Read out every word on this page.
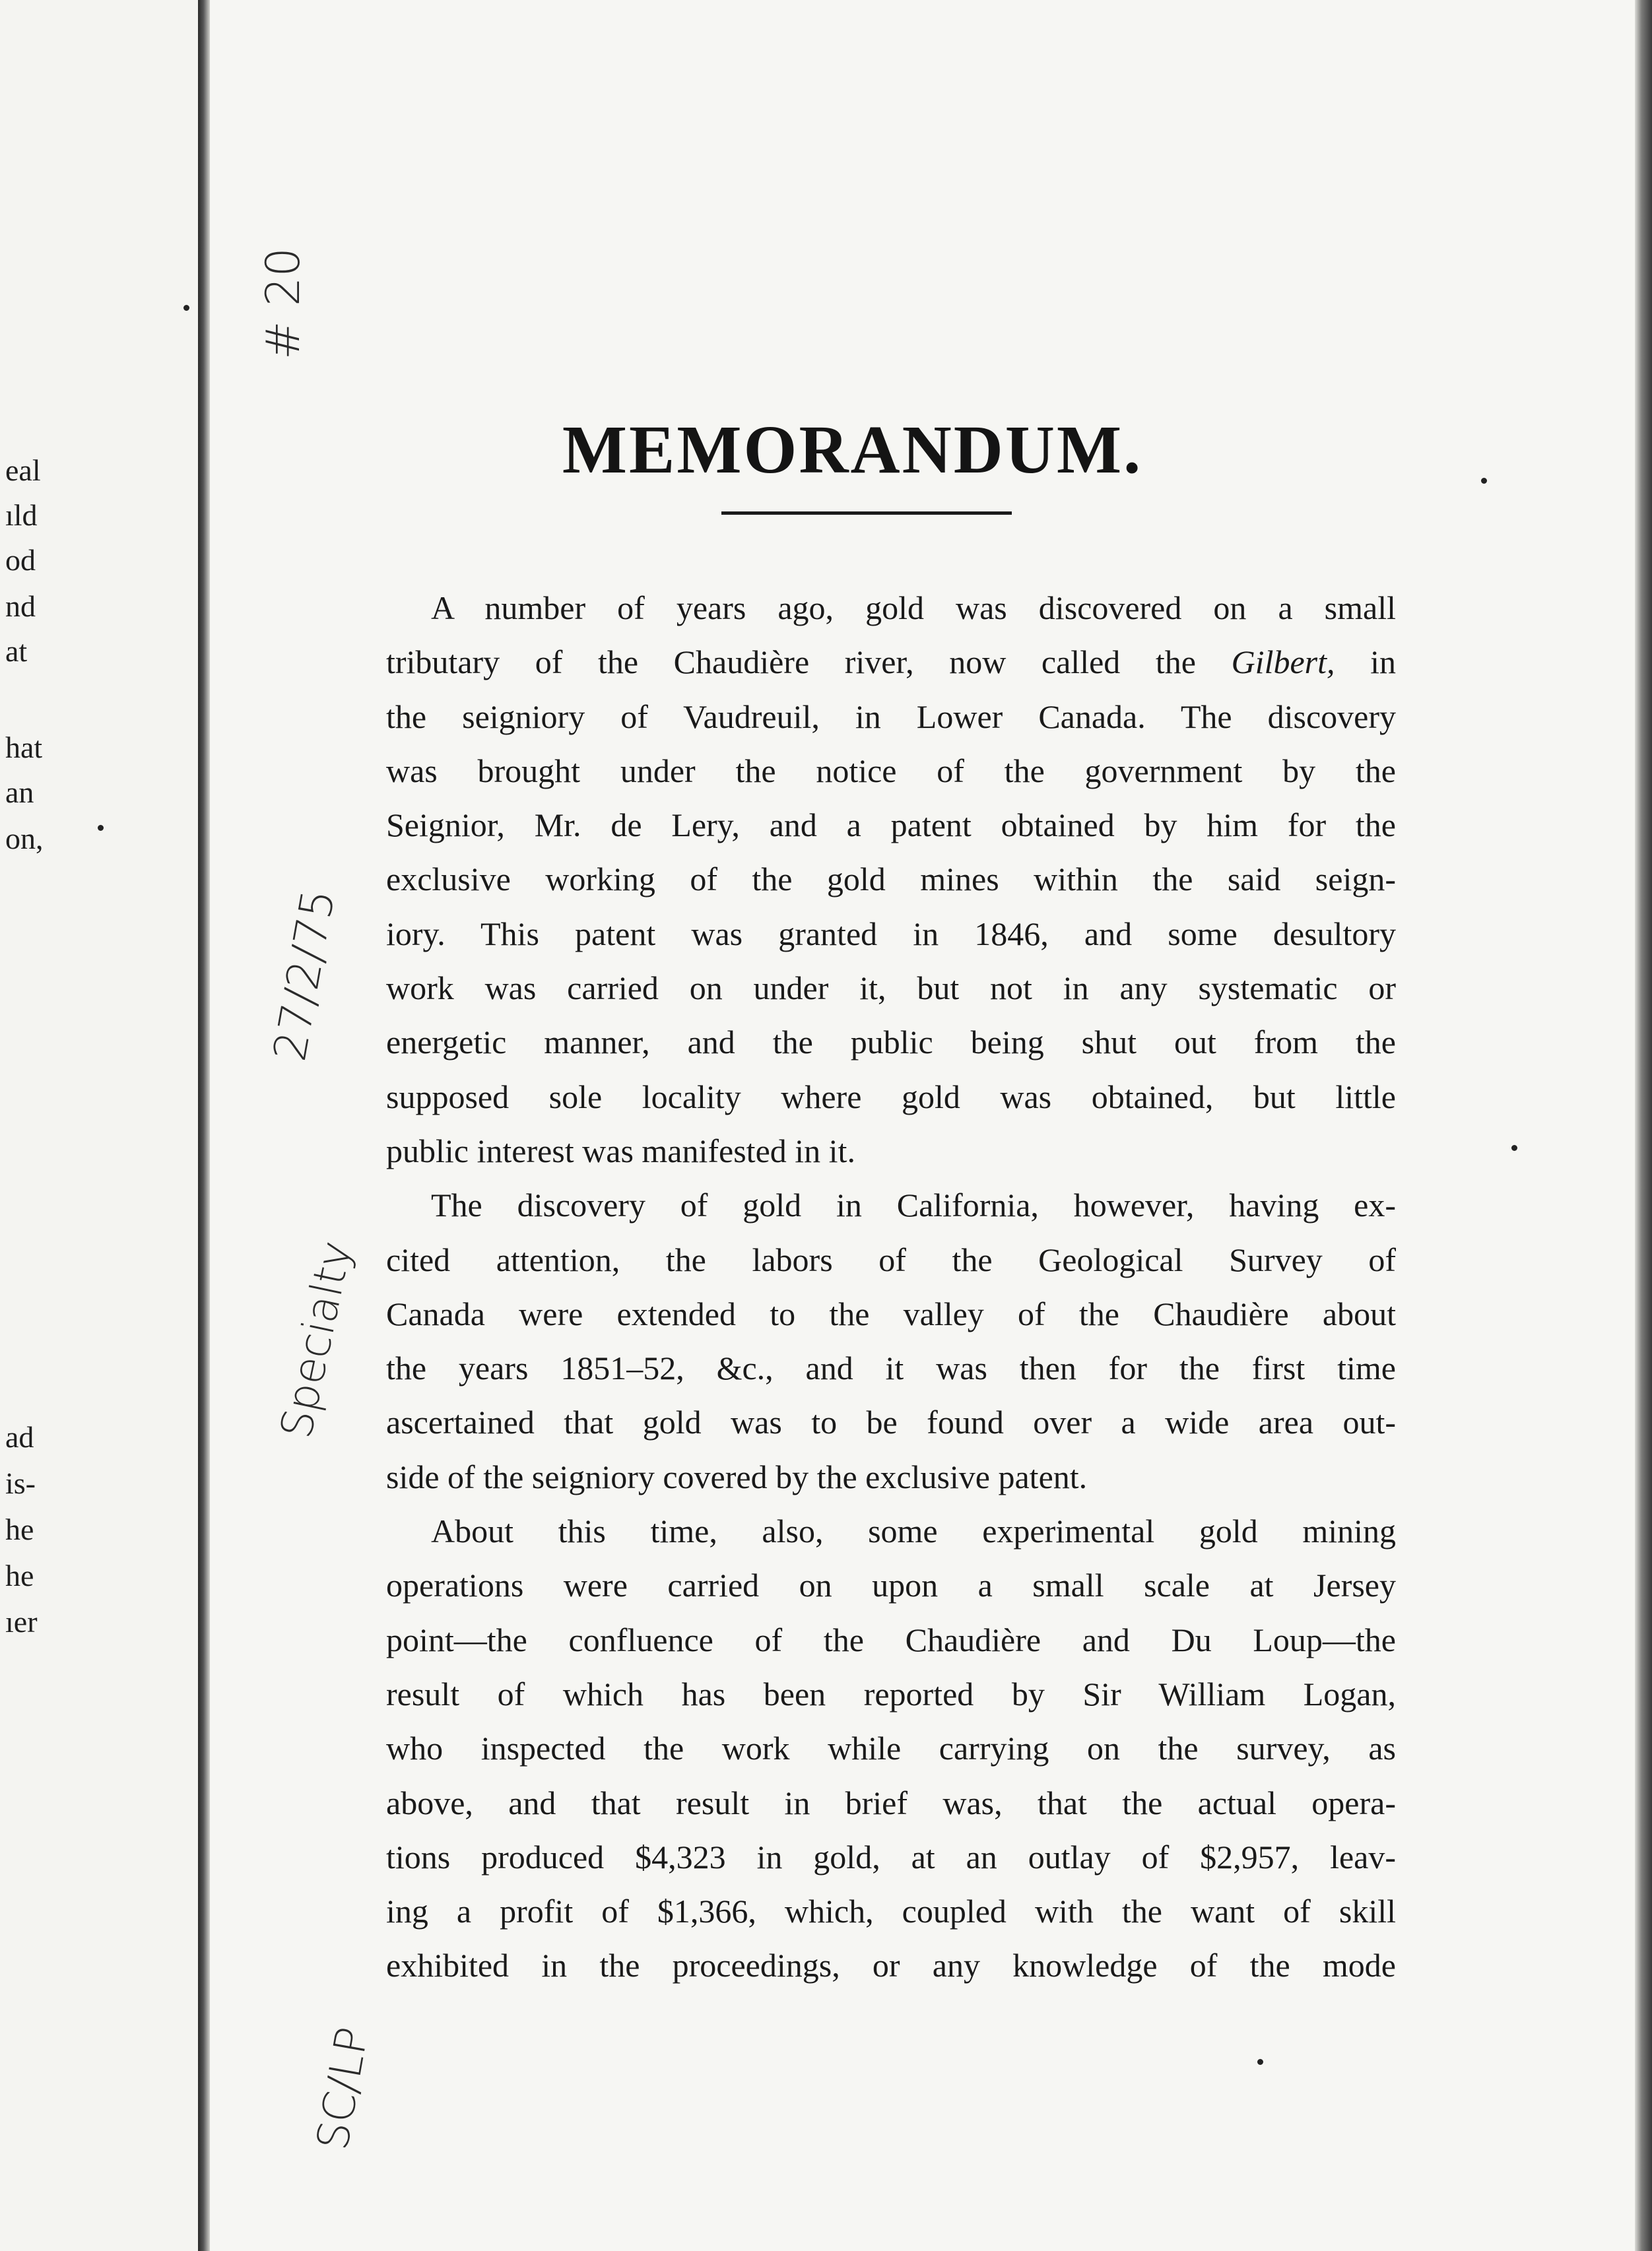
eal
ıld
od
nd
at
hat
an
on,
ad
is-
he
he
ıer
# 20
27/2/75
Specialty
SC/LP
MEMORANDUM.
A number of years ago, gold was discovered on a small
tributary of the Chaudière river, now called the Gilbert, in
the seigniory of Vaudreuil, in Lower Canada. The discovery
was brought under the notice of the government by the
Seignior, Mr. de Lery, and a patent obtained by him for the
exclusive working of the gold mines within the said seign-
iory. This patent was granted in 1846, and some desultory
work was carried on under it, but not in any systematic or
energetic manner, and the public being shut out from the
supposed sole locality where gold was obtained, but little
public interest was manifested in it.
The discovery of gold in California, however, having ex-
cited attention, the labors of the Geological Survey of
Canada were extended to the valley of the Chaudière about
the years 1851–52, &c., and it was then for the first time
ascertained that gold was to be found over a wide area out-
side of the seigniory covered by the exclusive patent.
About this time, also, some experimental gold mining
operations were carried on upon a small scale at Jersey
point—the confluence of the Chaudière and Du Loup—the
result of which has been reported by Sir William Logan,
who inspected the work while carrying on the survey, as
above, and that result in brief was, that the actual opera-
tions produced $4,323 in gold, at an outlay of $2,957, leav-
ing a profit of $1,366, which, coupled with the want of skill
exhibited in the proceedings, or any knowledge of the mode
